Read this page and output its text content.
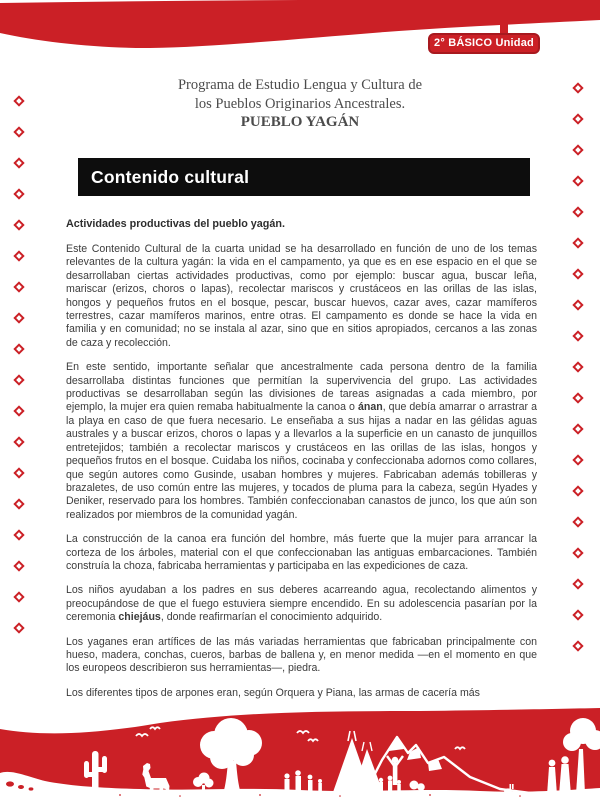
2° BÁSICO Unidad 4
Programa de Estudio Lengua y Cultura de
los Pueblos Originarios Ancestrales.
PUEBLO YAGÁN
Contenido cultural
Actividades productivas del pueblo yagán.

Este Contenido Cultural de la cuarta unidad se ha desarrollado en función de uno de los temas relevantes de la cultura yagán: la vida en el campamento, ya que es en ese espacio en el que se desarrollaban ciertas actividades productivas, como por ejemplo: buscar agua, buscar leña, mariscar (erizos, choros o lapas), recolectar mariscos y crustáceos en las orillas de las islas, hongos y pequeños frutos en el bosque, pescar, buscar huevos, cazar aves, cazar mamíferos terrestres, cazar mamíferos marinos, entre otras. El campamento es donde se hace la vida en familia y en comunidad; no se instala al azar, sino que en sitios apropiados, cercanos a las zonas de caza y recolección.

En este sentido, importante señalar que ancestralmente cada persona dentro de la familia desarrollaba distintas funciones que permitían la supervivencia del grupo. Las actividades productivas se desarrollaban según las divisiones de tareas asignadas a cada miembro, por ejemplo, la mujer era quien remaba habitualmente la canoa o ánan, que debía amarrar o arrastrar a la playa en caso de que fuera necesario. Le enseñaba a sus hijas a nadar en las gélidas aguas australes y a buscar erizos, choros o lapas y a llevarlos a la superficie en un canasto de junquillos entretejidos; también a recolectar mariscos y crustáceos en las orillas de las islas, hongos y pequeños frutos en el bosque. Cuidaba los niños, cocinaba y confeccionaba adornos como collares, que según autores como Gusinde, usaban hombres y mujeres. Fabricaban además tobilleras y brazaletes, de uso común entre las mujeres, y tocados de pluma para la cabeza, según Hyades y Deniker, reservado para los hombres. También confeccionaban canastos de junco, los que aún son realizados por miembros de la comunidad yagán.

La construcción de la canoa era función del hombre, más fuerte que la mujer para arrancar la corteza de los árboles, material con el que confeccionaban las antiguas embarcaciones. También construía la choza, fabricaba herramientas y participaba en las expediciones de caza.

Los niños ayudaban a los padres en sus deberes acarreando agua, recolectando alimentos y preocupándose de que el fuego estuviera siempre encendido. En su adolescencia pasarían por la ceremonia chiejáus, donde reafirmarían el conocimiento adquirido.

Los yaganes eran artífices de las más variadas herramientas que fabricaban principalmente con hueso, madera, conchas, cueros, barbas de ballena y, en menor medida —en el momento en que los europeos describieron sus herramientas—, piedra.

Los diferentes tipos de arpones eran, según Orquera y Piana, las armas de cacería más
